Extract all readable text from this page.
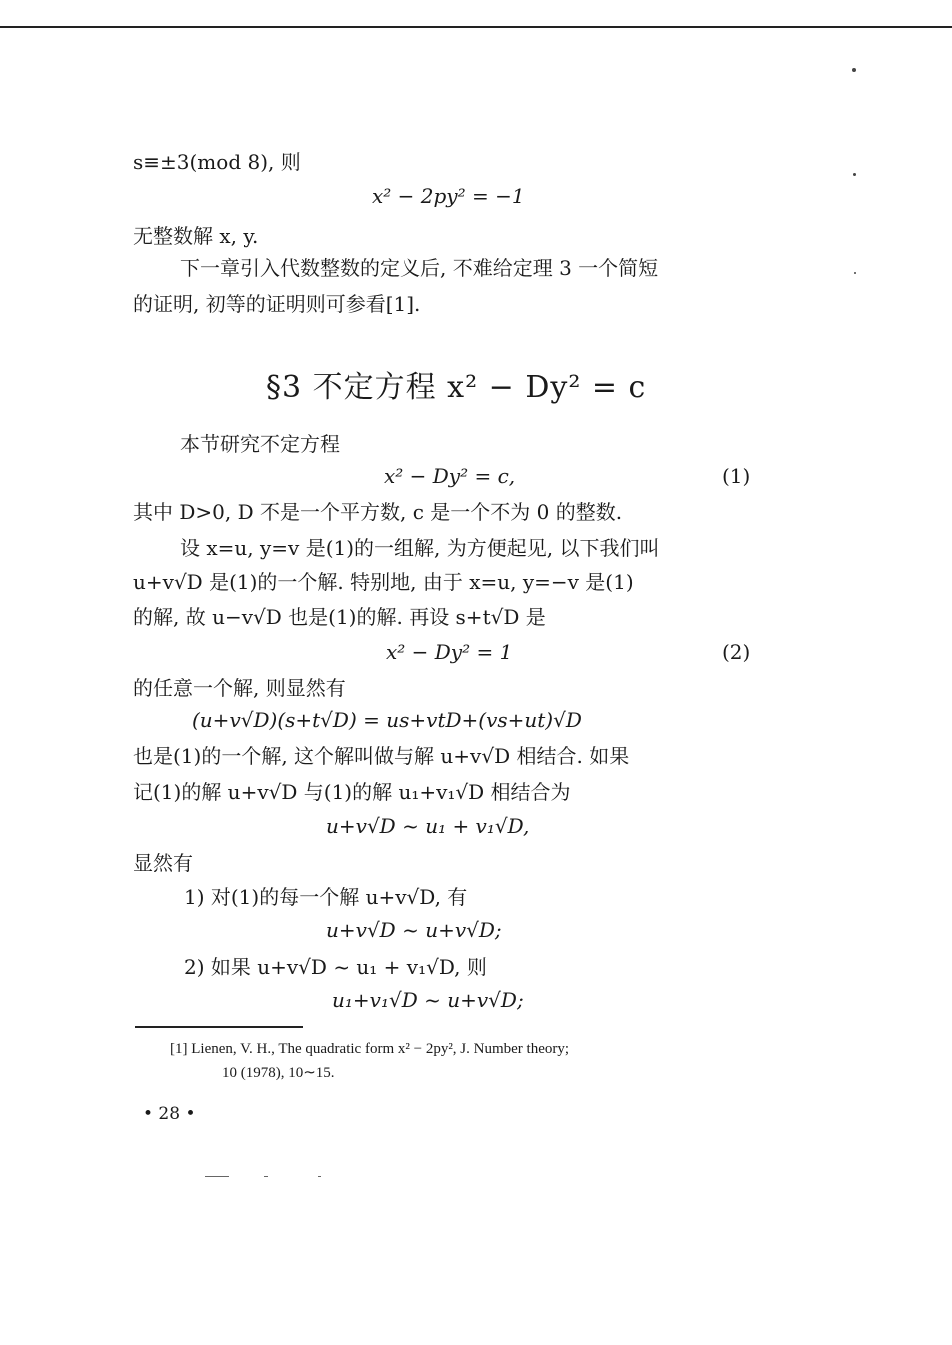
s≡±3(mod 8), 则
x² − 2py² = −1
无整数解 x, y.
下一章引入代数整数的定义后, 不难给定理 3 一个简短
的证明, 初等的证明则可参看[1].
§3 不定方程 x² − Dy² = c
本节研究不定方程
x² − Dy² = c,	(1)
其中 D>0, D 不是一个平方数, c 是一个不为 0 的整数.
设 x=u, y=v 是(1)的一组解, 为方便起见, 以下我们叫
u+v√D 是(1)的一个解. 特别地, 由于 x=u, y=−v 是(1)
的解, 故 u−v√D 也是(1)的解. 再设 s+t√D 是
x² − Dy² = 1	(2)
的任意一个解, 则显然有
(u+v√D)(s+t√D) = us+vtD+(vs+ut)√D
也是(1)的一个解, 这个解叫做与解 u+v√D 相结合. 如果
记(1)的解 u+v√D 与(1)的解 u₁+v₁√D 相结合为
u+v√D ~ u₁ + v₁√D,
显然有
1) 对(1)的每一个解 u+v√D, 有
u+v√D ~ u+v√D;
2) 如果 u+v√D ~ u₁ + v₁√D, 则
u₁+v₁√D ~ u+v√D;
[1] Lienen, V. H., The quadratic form x² − 2py², J. Number theory;
10 (1978), 10∼15.
• 28 •
